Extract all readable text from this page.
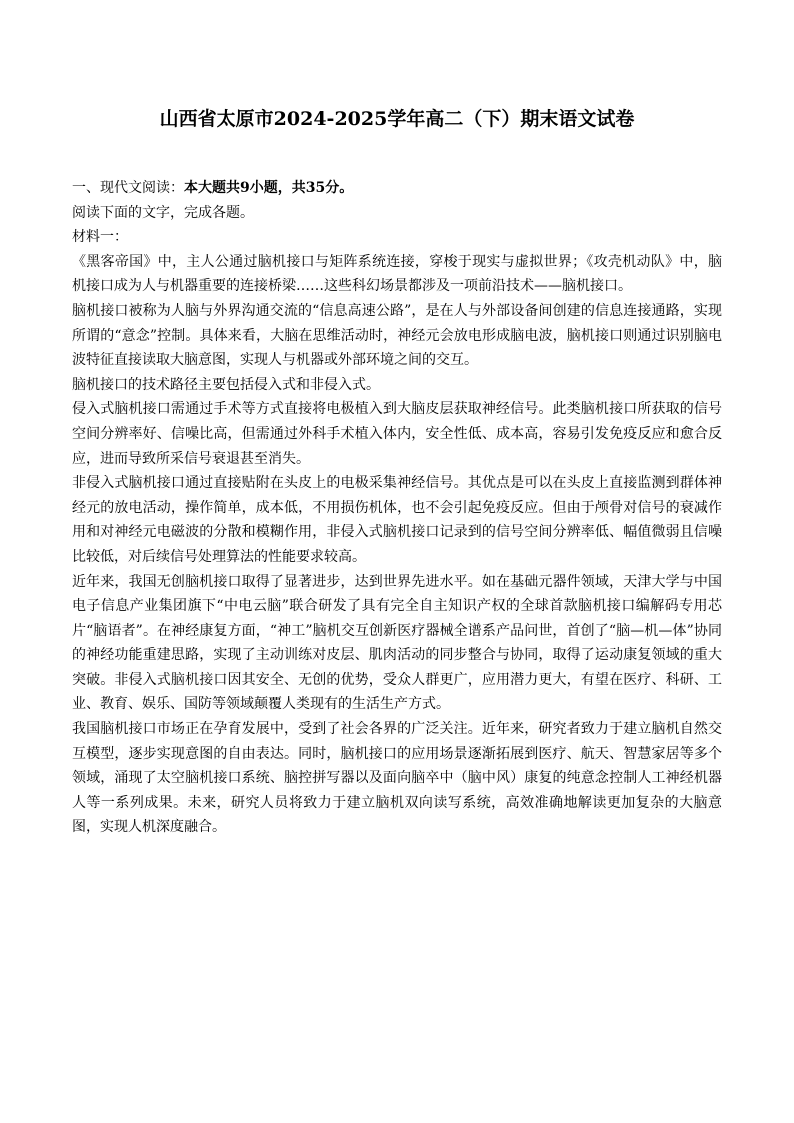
山西省太原市2024-2025学年高二（下）期末语文试卷

一、现代文阅读：本大题共9小题，共35分。

阅读下面的文字，完成各题。

材料一：

《黑客帝国》中，主人公通过脑机接口与矩阵系统连接，穿梭于现实与虚拟世界；《攻壳机动队》中，脑机接口成为人与机器重要的连接桥梁……这些科幻场景都涉及一项前沿技术——脑机接口。

脑机接口被称为人脑与外界沟通交流的“信息高速公路”，是在人与外部设备间创建的信息连接通路，实现所谓的“意念”控制。具体来看，大脑在思维活动时，神经元会放电形成脑电波，脑机接口则通过识别脑电波特征直接读取大脑意图，实现人与机器或外部环境之间的交互。

脑机接口的技术路径主要包括侵入式和非侵入式。

侵入式脑机接口需通过手术等方式直接将电极植入到大脑皮层获取神经信号。此类脑机接口所获取的信号空间分辨率好、信噪比高，但需通过外科手术植入体内，安全性低、成本高，容易引发免疫反应和愈合反应，进而导致所采信号衰退甚至消失。

非侵入式脑机接口通过直接贴附在头皮上的电极采集神经信号。其优点是可以在头皮上直接监测到群体神经元的放电活动，操作简单，成本低，不用损伤机体，也不会引起免疫反应。但由于颅骨对信号的衰减作用和对神经元电磁波的分散和模糊作用，非侵入式脑机接口记录到的信号空间分辨率低、幅值微弱且信噪比较低，对后续信号处理算法的性能要求较高。

近年来，我国无创脑机接口取得了显著进步，达到世界先进水平。如在基础元器件领域，天津大学与中国电子信息产业集团旗下“中电云脑”联合研发了具有完全自主知识产权的全球首款脑机接口编解码专用芯片“脑语者”。在神经康复方面，“神工”脑机交互创新医疗器械全谱系产品问世，首创了“脑—机—体”协同的神经功能重建思路，实现了主动训练对皮层、肌肉活动的同步整合与协同，取得了运动康复领域的重大突破。非侵入式脑机接口因其安全、无创的优势，受众人群更广，应用潜力更大，有望在医疗、科研、工业、教育、娱乐、国防等领域颠覆人类现有的生活生产方式。

我国脑机接口市场正在孕育发展中，受到了社会各界的广泛关注。近年来，研究者致力于建立脑机自然交互模型，逐步实现意图的自由表达。同时，脑机接口的应用场景逐渐拓展到医疗、航天、智慧家居等多个领域，涌现了太空脑机接口系统、脑控拼写器以及面向脑卒中（脑中风）康复的纯意念控制人工神经机器人等一系列成果。未来，研究人员将致力于建立脑机双向读写系统，高效准确地解读更加复杂的大脑意图，实现人机深度融合。
